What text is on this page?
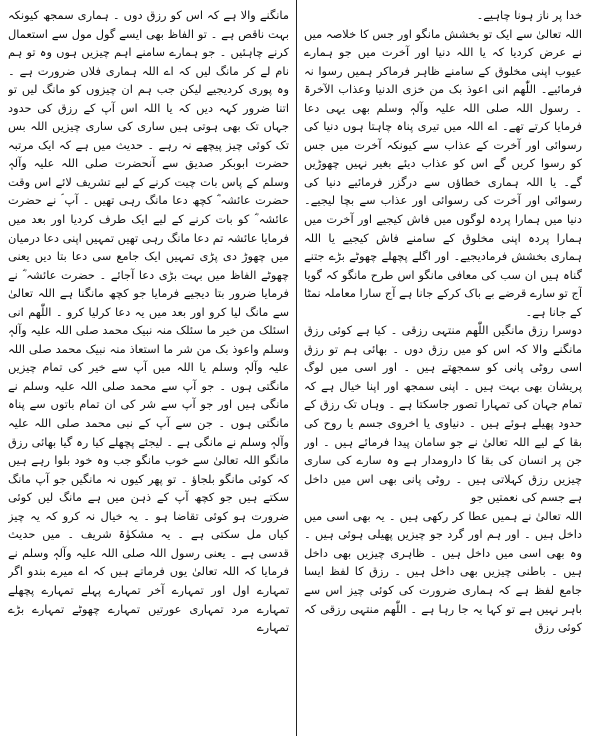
خدا پر ناز ہونا چاہیے۔

اللہ تعالیٰ سے ایک تو بخشش مانگو اور جس کا خلاصہ میں نے عرض کردیا کہ یا اللہ دنیا اور آخرت میں جو ہمارے عیوب اپنی مخلوق کے سامنے ظاہر فرماکر ہمیں رسوا نہ فرمائیے۔ اللّٰھم انی اعوذ بک من خزی الدنیا وعذاب الآخرۃ ۔ رسول اللہ صلی اللہ علیہ وآلہٖ وسلم بھی یہی دعا فرمایا کرتے تھے۔ اے اللہ میں تیری پناہ چاہتا ہوں دنیا کی رسوائی اور آخرت کے عذاب سے کیونکہ آخرت میں جس کو رسوا کریں گے اس کو عذاب دیئے بغیر نہیں چھوڑیں گے۔ یا اللہ ہماری خطاؤں سے درگزر فرمائیے دنیا کی رسوائی اور آخرت کی رسوائی اور عذاب سے بچا لیجیے۔ دنیا میں ہمارا پردہ لوگوں میں فاش کیجیے اور آخرت میں ہمارا پردہ اپنی مخلوق کے سامنے فاش کیجیے یا اللہ ہماری بخشش فرمادیجیے۔ اور اگلے پچھلے چھوٹے بڑے جتنے گناہ ہیں ان سب کی معافی مانگو اس طرح مانگو کہ گویا آج تو سارے قرضے بے باک کرکے جانا ہے آج سارا معاملہ نمٹا کے جانا ہے۔

دوسرا رزق مانگیں اللّٰھم منتہی رزقی ۔ کیا ہے کوئی رزق مانگنے والا کہ اس کو میں رزق دوں ۔ بھائی ہم تو رزق اسی روٹی پانی کو سمجھتے ہیں ۔ اور اسی میں لوگ پریشان بھی بہت ہیں ۔ اپنی سمجھ اور اپنا خیال ہے کہ تمام جہان کی تمہارا تصور جاسکتا ہے ۔ وہاں تک رزق کے حدود پھیلے ہوئے ہیں ۔ دنیاوی یا اخروی جسم یا روح کی بقا کے لیے اللہ تعالیٰ نے جو سامان پیدا فرمائے ہیں ۔ اور جن پر انسان کی بقا کا دارومدار ہے وہ سارے کی ساری چیزیں رزق کہلاتی ہیں ۔ روٹی پانی بھی اس میں داخل ہے جسم کی نعمتیں جو

اللہ تعالیٰ نے ہمیں عطا کر رکھی ہیں ۔ یہ بھی اسی میں داخل ہیں ۔ اور ہم اور گرد جو چیزیں پھیلی ہوئی ہیں ۔ وہ بھی اسی میں داخل ہیں ۔ ظاہری چیزیں بھی داخل ہیں ۔ باطنی چیزیں بھی داخل ہیں ۔ رزق کا لفظ ایسا جامع لفظ ہے کہ ہماری ضرورت کی کوئی چیز اس سے باہر نہیں ہے تو کہا یہ جا رہا ہے ۔ اللّٰھم منتہی رزقی کہ کوئی رزق

مانگنے والا ہے کہ اس کو رزق دوں ۔ ہماری سمجھ کیونکہ بہت ناقص ہے ۔ تو الفاظ بھی ایسے گول مول سے استعمال کرنے چاہئیں ۔ جو ہمارے سامنے اہم چیزیں ہوں وہ تو ہم نام لے کر مانگ لیں کہ اے اللہ ہماری فلاں ضرورت ہے ۔ وہ پوری کردیجیے لیکن جب ہم ان چیزوں کو مانگ لیں تو اتنا ضرور کہہ دیں کہ یا اللہ اس آپ کے رزق کی حدود جہاں تک بھی ہوتی ہیں ساری کی ساری چیزیں اللہ بس تک کوئی چیز پیچھے نہ رہے ۔ حدیث میں ہے کہ ایک مرتبہ حضرت ابوبکر صدیق سے آنحضرت صلی اللہ علیہ وآلہٖ وسلم کے پاس بات چیت کرنے کے لیے تشریف لائے اس وقت حضرت عائشہ ؓ کچھ دعا مانگ رہی تھیں ۔ آپ ؐ نے حضرت عائشہ ؓ کو بات کرنے کے لیے ایک طرف کردیا اور بعد میں فرمایا عائشہ تم دعا مانگ رہی تھیں تمہیں اپنی دعا درمیان میں چھوڑ دی پڑی تمہیں ایک جامع سی دعا بتا دیں یعنی چھوٹے الفاظ میں بہت بڑی دعا آجائے ۔ حضرت عائشہ ؓ نے فرمایا ضرور بتا دیجیے فرمایا جو کچھ مانگنا ہے اللہ تعالیٰ سے مانگ لیا کرو اور بعد میں یہ دعا کرلیا کرو ۔ اللّٰھم انی اسئلک من خیر ما سئلک منہ نبیک محمد صلی اللہ علیہ وآلہٖ وسلم واعوذ بک من شر ما استعاذ منہ نبیک محمد صلی اللہ علیہ وآلہٖ وسلم یا اللہ میں آپ سے خیر کی تمام چیزیں مانگتی ہوں ۔ جو آپ سے محمد صلی اللہ علیہ وسلم نے مانگی ہیں اور جو آپ سے شر کی ان تمام باتوں سے پناہ مانگتی ہوں ۔ جن سے آپ کے نبی محمد صلی اللہ علیہ وآلہٖ وسلم نے مانگی ہے ۔ لیجئے پچھلے کیا رہ گیا بھائی رزق مانگو اللہ تعالیٰ سے خوب مانگو جب وہ خود بلوا رہے ہیں کہ کوئی مانگو بلجاؤ ۔ تو پھر کیوں نہ مانگیں جو آپ مانگ سکتے ہیں جو کچھ آپ کے ذہن میں ہے مانگ لیں کوئی ضرورت ہو کوئی تقاضا ہو ۔ یہ خیال نہ کرو کہ یہ چیز کیاں مل سکتی ہے ۔ یہ مشکوٰۃ شریف ۔ میں حدیث قدسی ہے ۔ یعنی رسول اللہ صلی اللہ علیہ وآلہٖ وسلم نے فرمایا کہ اللہ تعالیٰ یوں فرماتے ہیں کہ اے میرے بندو اگر تمہارے اول اور تمہارے آخر تمہارے پہلے تمہارے پچھلے تمہارے مرد تمہاری عورتیں تمہارے چھوٹے تمہارے بڑے تمہارے
